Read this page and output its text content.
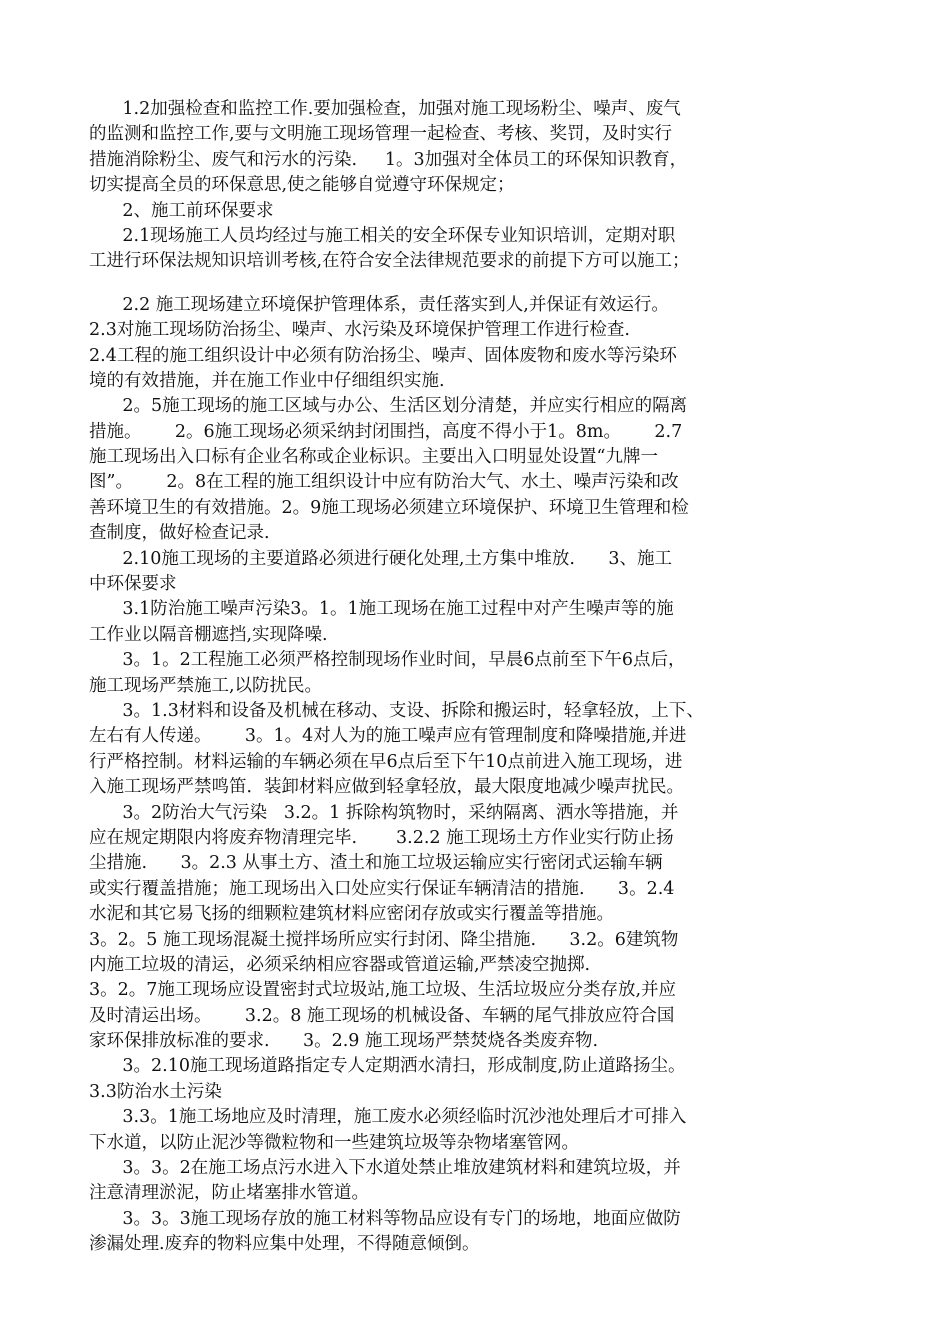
1.2加强检查和监控工作.要加强检查，加强对施工现场粉尘、噪声、废气
的监测和监控工作,要与文明施工现场管理一起检查、考核、奖罚，及时实行
措施消除粉尘、废气和污水的污染.     1。3加强对全体员工的环保知识教育，
切实提高全员的环保意思,使之能够自觉遵守环保规定；
2、施工前环保要求
2.1现场施工人员均经过与施工相关的安全环保专业知识培训，定期对职
工进行环保法规知识培训考核,在符合安全法律规范要求的前提下方可以施工；
2.2 施工现场建立环境保护管理体系，责任落实到人,并保证有效运行。
2.3对施工现场防治扬尘、噪声、水污染及环境保护管理工作进行检查.
2.4工程的施工组织设计中必须有防治扬尘、噪声、固体废物和废水等污染环
境的有效措施，并在施工作业中仔细组织实施.
2。5施工现场的施工区域与办公、生活区划分清楚，并应实行相应的隔离
措施。      2。6施工现场必须采纳封闭围挡，高度不得小于1。8m。      2.7
施工现场出入口标有企业名称或企业标识。主要出入口明显处设置“九牌一
图”。      2。8在工程的施工组织设计中应有防治大气、水土、噪声污染和改
善环境卫生的有效措施。2。9施工现场必须建立环境保护、环境卫生管理和检
查制度，做好检查记录.
2.10施工现场的主要道路必须进行硬化处理,土方集中堆放.      3、施工
中环保要求
3.1防治施工噪声污染3。1。1施工现场在施工过程中对产生噪声等的施
工作业以隔音棚遮挡,实现降噪.
3。1。2工程施工必须严格控制现场作业时间，早晨6点前至下午6点后，
施工现场严禁施工,以防扰民。
3。1.3材料和设备及机械在移动、支设、拆除和搬运时，轻拿轻放，上下、
左右有人传递。      3。1。4对人为的施工噪声应有管理制度和降噪措施,并进
行严格控制。材料运输的车辆必须在早6点后至下午10点前进入施工现场，进
入施工现场严禁鸣笛．装卸材料应做到轻拿轻放，最大限度地减少噪声扰民。
3。2防治大气污染   3.2。1 拆除构筑物时，采纳隔离、洒水等措施，并
应在规定期限内将废弃物清理完毕.       3.2.2 施工现场土方作业实行防止扬
尘措施.      3。2.3 从事土方、渣土和施工垃圾运输应实行密闭式运输车辆
或实行覆盖措施；施工现场出入口处应实行保证车辆清洁的措施.      3。2.4
水泥和其它易飞扬的细颗粒建筑材料应密闭存放或实行覆盖等措施。
3。2。5 施工现场混凝土搅拌场所应实行封闭、降尘措施.      3.2。6建筑物
内施工垃圾的清运，必须采纳相应容器或管道运输,严禁凌空抛掷.
3。2。7施工现场应设置密封式垃圾站,施工垃圾、生活垃圾应分类存放,并应
及时清运出场。      3.2。8 施工现场的机械设备、车辆的尾气排放应符合国
家环保排放标准的要求.      3。2.9 施工现场严禁焚烧各类废弃物.
3。2.10施工现场道路指定专人定期洒水清扫，形成制度,防止道路扬尘。
3.3防治水土污染
3.3。1施工场地应及时清理，施工废水必须经临时沉沙池处理后才可排入
下水道，以防止泥沙等微粒物和一些建筑垃圾等杂物堵塞管网。
3。3。2在施工场点污水进入下水道处禁止堆放建筑材料和建筑垃圾，并
注意清理淤泥，防止堵塞排水管道。
3。3。3施工现场存放的施工材料等物品应设有专门的场地，地面应做防
渗漏处理.废弃的物料应集中处理，不得随意倾倒。
